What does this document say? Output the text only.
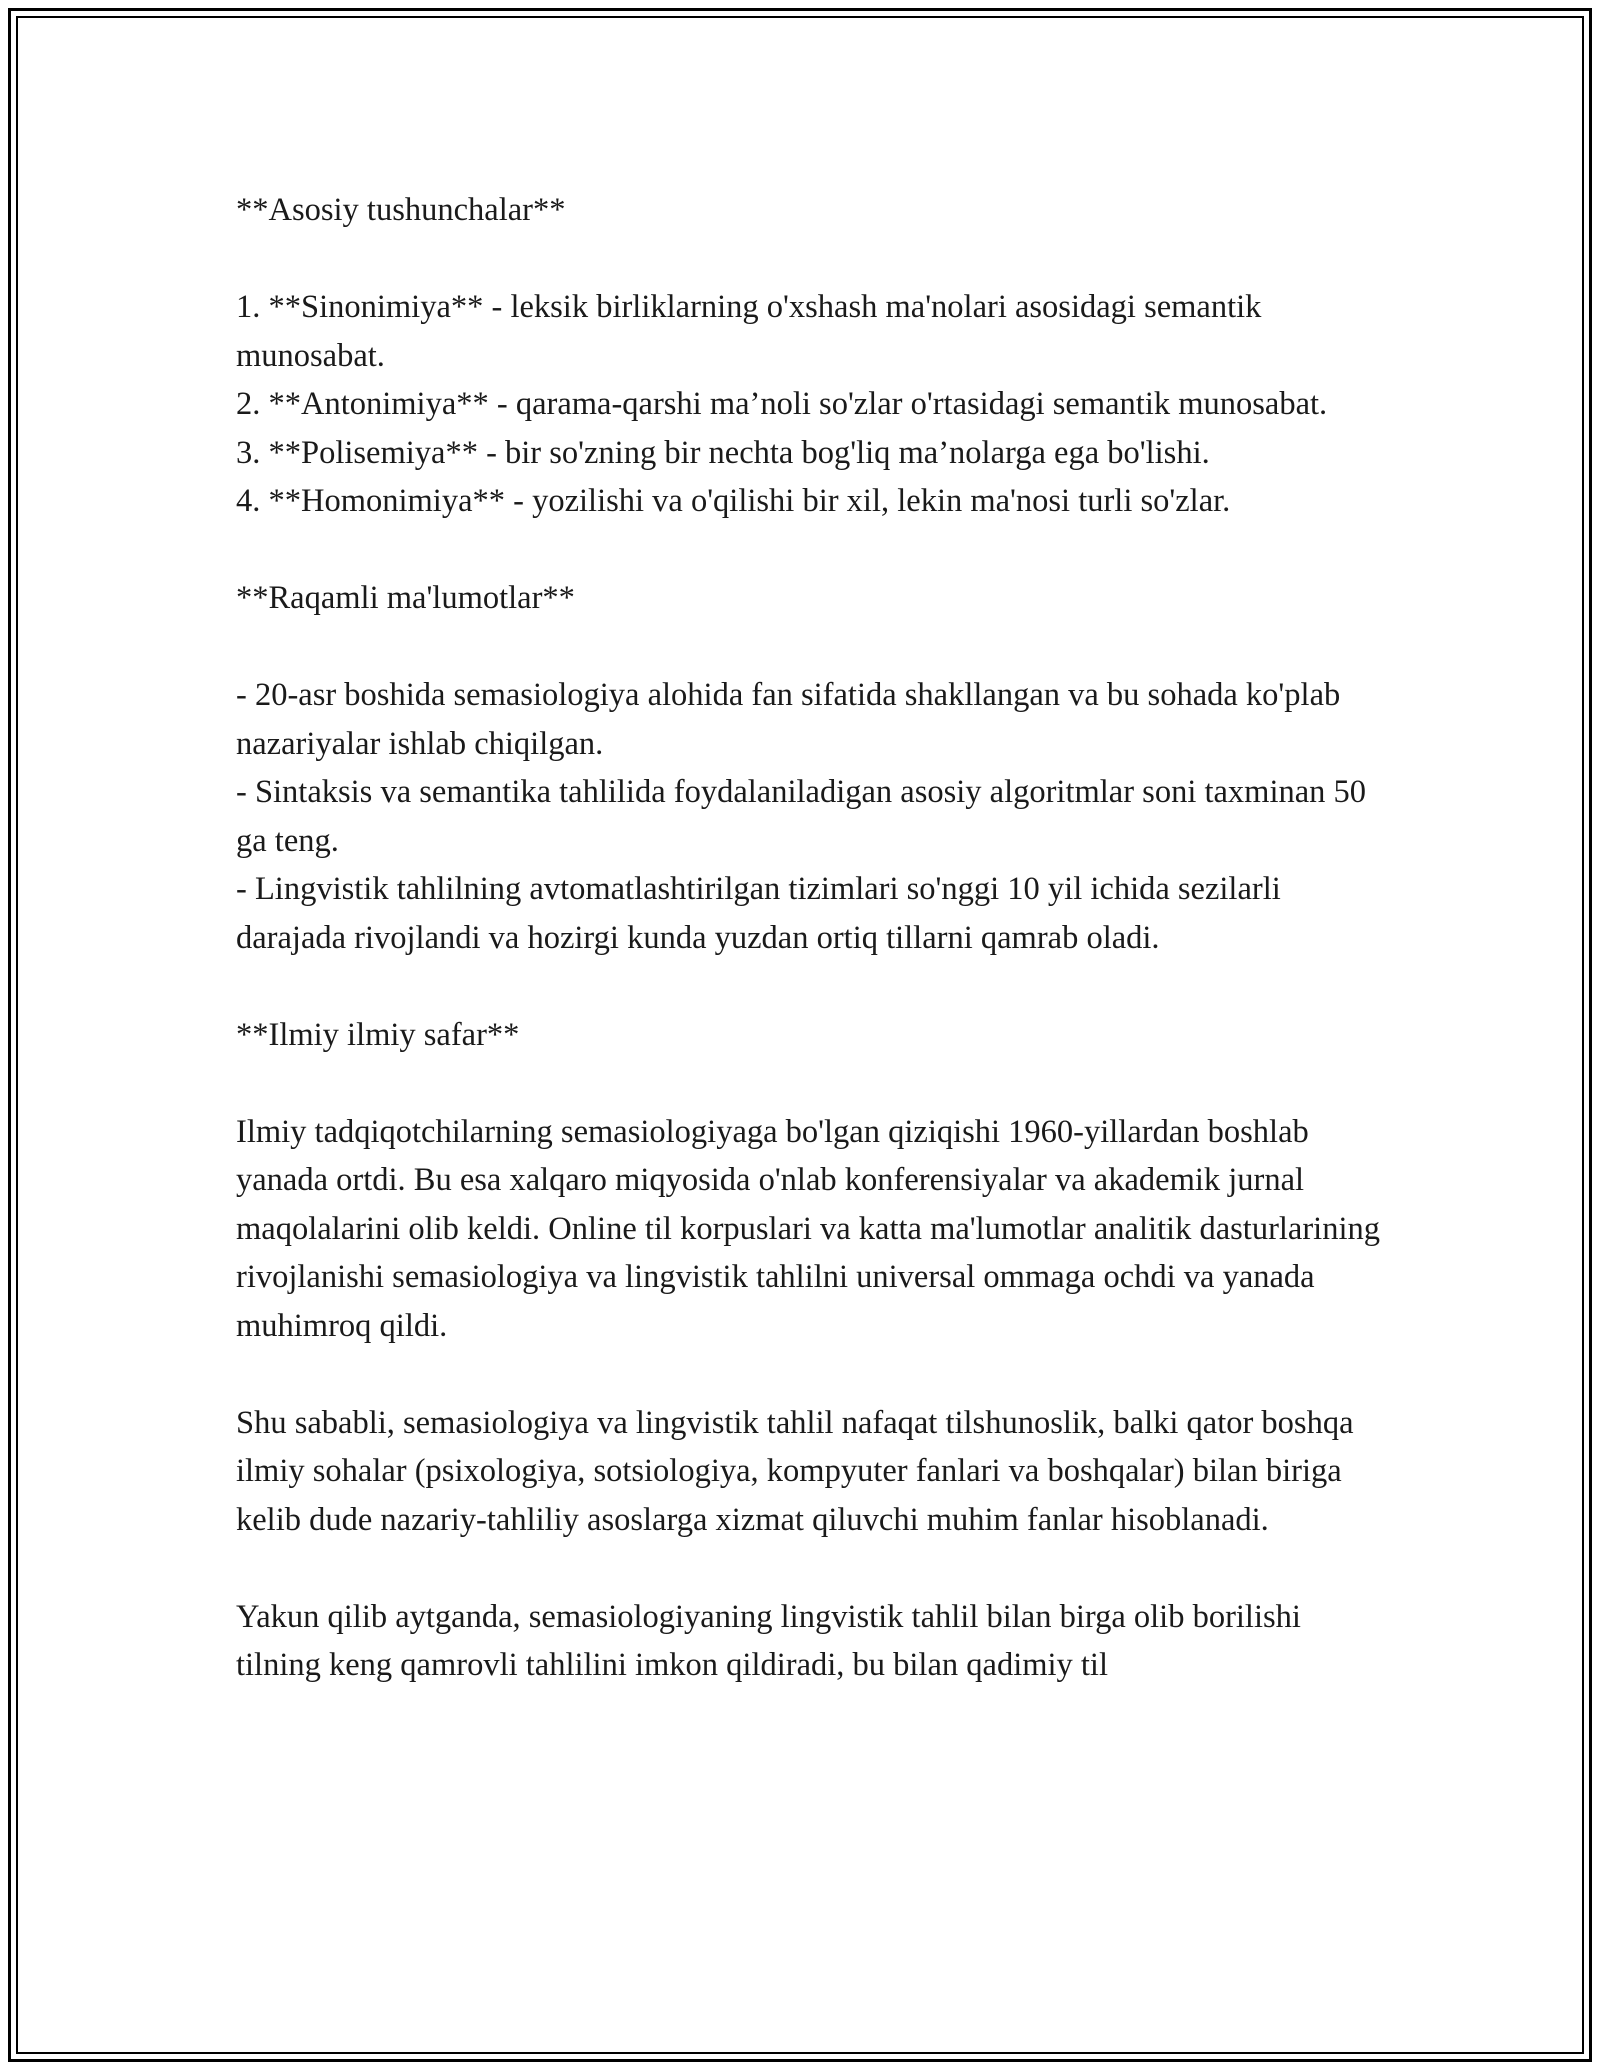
**Asosiy tushunchalar**

1. **Sinonimiya** - leksik birliklarning o'xshash ma'nolari asosidagi semantik munosabat.
2. **Antonimiya** - qarama-qarshi ma’noli so'zlar o'rtasidagi semantik munosabat.
3. **Polisemiya** - bir so'zning bir nechta bog'liq ma’nolarga ega bo'lishi.
4. **Homonimiya** - yozilishi va o'qilishi bir xil, lekin ma'nosi turli so'zlar.

**Raqamli ma'lumotlar**

- 20-asr boshida semasiologiya alohida fan sifatida shakllangan va bu sohada ko'plab nazariyalar ishlab chiqilgan.
- Sintaksis va semantika tahlilida foydalaniladigan asosiy algoritmlar soni taxminan 50 ga teng.
- Lingvistik tahlilning avtomatlashtirilgan tizimlari so'nggi 10 yil ichida sezilarli darajada rivojlandi va hozirgi kunda yuzdan ortiq tillarni qamrab oladi.

**Ilmiy ilmiy safar**

Ilmiy tadqiqotchilarning semasiologiyaga bo'lgan qiziqishi 1960-yillardan boshlab yanada ortdi. Bu esa xalqaro miqyosida o'nlab konferensiyalar va akademik jurnal maqolalarini olib keldi. Online til korpuslari va katta ma'lumotlar analitik dasturlarining rivojlanishi semasiologiya va lingvistik tahlilni universal ommaga ochdi va yanada muhimroq qildi.

Shu sababli, semasiologiya va lingvistik tahlil nafaqat tilshunoslik, balki qator boshqa ilmiy sohalar (psixologiya, sotsiologiya, kompyuter fanlari va boshqalar) bilan biriga kelib dude nazariy-tahliliy asoslarga xizmat qiluvchi muhim fanlar hisoblanadi.

Yakun qilib aytganda, semasiologiyaning lingvistik tahlil bilan birga olib borilishi tilning keng qamrovli tahlilini imkon qildiradi, bu bilan qadimiy til
